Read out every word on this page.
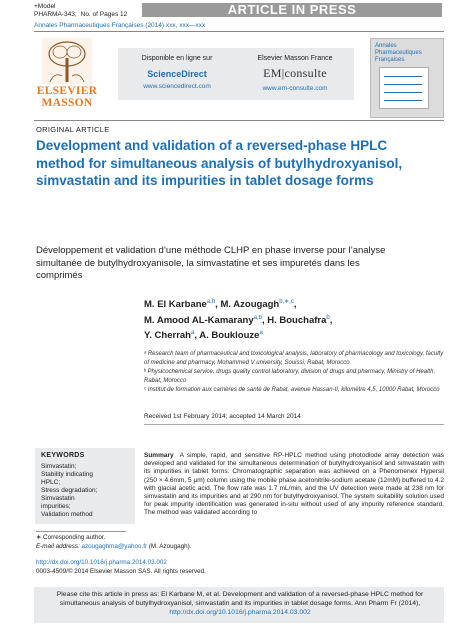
+Model
PHARMA-343; No. of Pages 12	ARTICLE IN PRESS
Annales Pharmaceutiques Françaises (2014) xxx, xxx—xxx
ELSEVIER
MASSON
Disponible en ligne sur
ScienceDirect
www.sciencedirect.com
Elsevier Masson France
EM|consulte
www.em-consulte.com
Annales Pharmaceutiques Françaises
ORIGINAL ARTICLE
Development and validation of a reversed-phase HPLC method for simultaneous analysis of butylhydroxyanisol, simvastatin and its impurities in tablet dosage forms
Développement et validation d’une méthode CLHP en phase inverse pour l’analyse simultanée de butylhydroxyanisole, la simvastatine et ses impuretés dans les comprimés
M. El Karbane$^{a,b}$, M. Azougagh$^{b,∗,c}$,
M. Amood AL-Kamarany$^{a,b}$, H. Bouchafra$^b$,
Y. Cherrah$^a$, A. Bouklouze$^a$

ᵃ Research team of pharmaceutical and toxicological analysis, laboratory of pharmacology and toxicology, faculty of medicine and pharmacy, Mohammed V university, Souissi, Rabat, Morocco

ᵇ Physicochemical service, drugs quality control laboratory, division of drugs and pharmacy, Ministry of Health, Rabat, Morocco

ᶜ Institut de formation aux carrières de santé de Rabat, avenue Hassan-II, kilomètre 4,5, 10000 Rabat, Morocco

Received 1st February 2014; accepted 14 March 2014
KEYWORDS
Simvastatin;
Stability indicating
HPLC;
Stress degradation;
Simvastatin
impurities;
Validation method
Summary A simple, rapid, and sensitive RP-HPLC method using photodiode array detection was developed and validated for the simultaneous determination of butylhydroxyanisol and simvastatin with its impurities in tablet forms. Chromatographic separation was achieved on a Phenomenex Hypersil (250 × 4.6mm, 5 μm) column using the mobile phase acetonitrile-sodium acetate (12mM) buffered to 4.2 with glacial acetic acid. The flow rate was 1.7 mL/min, and the UV detection were made at 238 nm for simvastatin and its impurities and at 290 nm for butylhydroxyanisol. The system suitability solution used for peak impurity identification was generated in-situ without used of any impurity reference standard. The method was validated according to
∗ Corresponding author.
E-mail address: azougaghma@yahoo.fr (M. Azougagh).
http://dx.doi.org/10.1016/j.pharma.2014.03.002
0003-4509/© 2014 Elsevier Masson SAS. All rights reserved.
Please cite this article in press as: El Karbane M, et al. Development and validation of a reversed-phase HPLC method for
simultaneous analysis of butylhydroxyanisol, simvastatin and its impurities in tablet dosage forms. Ann Pharm Fr (2014),
http://dx.doi.org/10.1016/j.pharma.2014.03.002
